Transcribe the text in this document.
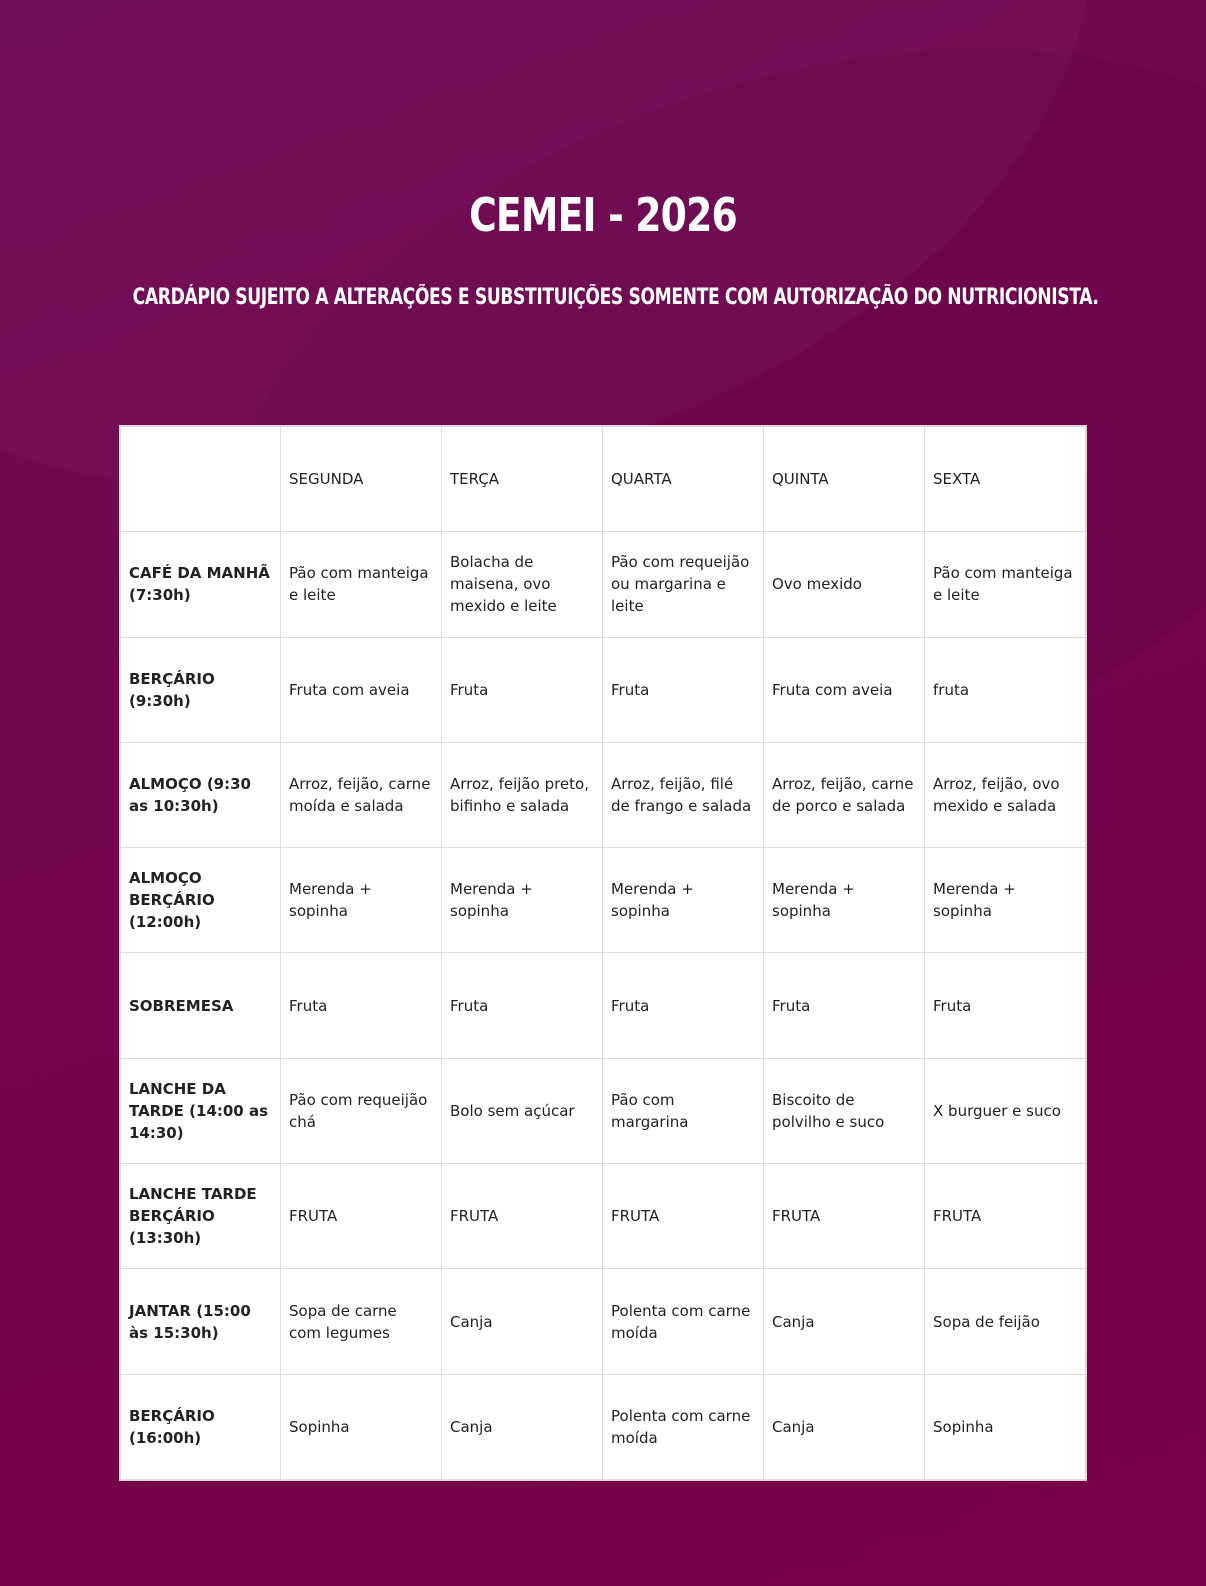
CEMEI - 2026
CARDÁPIO SUJEITO A ALTERAÇÕES E SUBSTITUIÇÕES SOMENTE COM AUTORIZAÇÃO DO NUTRICIONISTA.
	SEGUNDA	TERÇA	QUARTA	QUINTA	SEXTA
CAFÉ DA MANHÃ (7:30h)	Pão com manteiga e leite	Bolacha de maisena, ovo mexido e leite	Pão com requeijão ou margarina e leite	Ovo mexido	Pão com manteiga e leite
BERÇÁRIO (9:30h)	Fruta com aveia	Fruta	Fruta	Fruta com aveia	fruta
ALMOÇO (9:30 as 10:30h)	Arroz, feijão, carne moída e salada	Arroz, feijão preto, bifinho e salada	Arroz, feijão, filé de frango e salada	Arroz, feijão, carne de porco e salada	Arroz, feijão, ovo mexido e salada
ALMOÇO BERÇÁRIO (12:00h)	Merenda + sopinha	Merenda + sopinha	Merenda + sopinha	Merenda + sopinha	Merenda + sopinha
SOBREMESA	Fruta	Fruta	Fruta	Fruta	Fruta
LANCHE DA TARDE (14:00 as 14:30)	Pão com requeijão chá	Bolo sem açúcar	Pão com margarina	Biscoito de polvilho e suco	X burguer e suco
LANCHE TARDE BERÇÁRIO (13:30h)	FRUTA	FRUTA	FRUTA	FRUTA	FRUTA
JANTAR (15:00 às 15:30h)	Sopa de carne com legumes	Canja	Polenta com carne moída	Canja	Sopa de feijão
BERÇÁRIO (16:00h)	Sopinha	Canja	Polenta com carne moída	Canja	Sopinha
